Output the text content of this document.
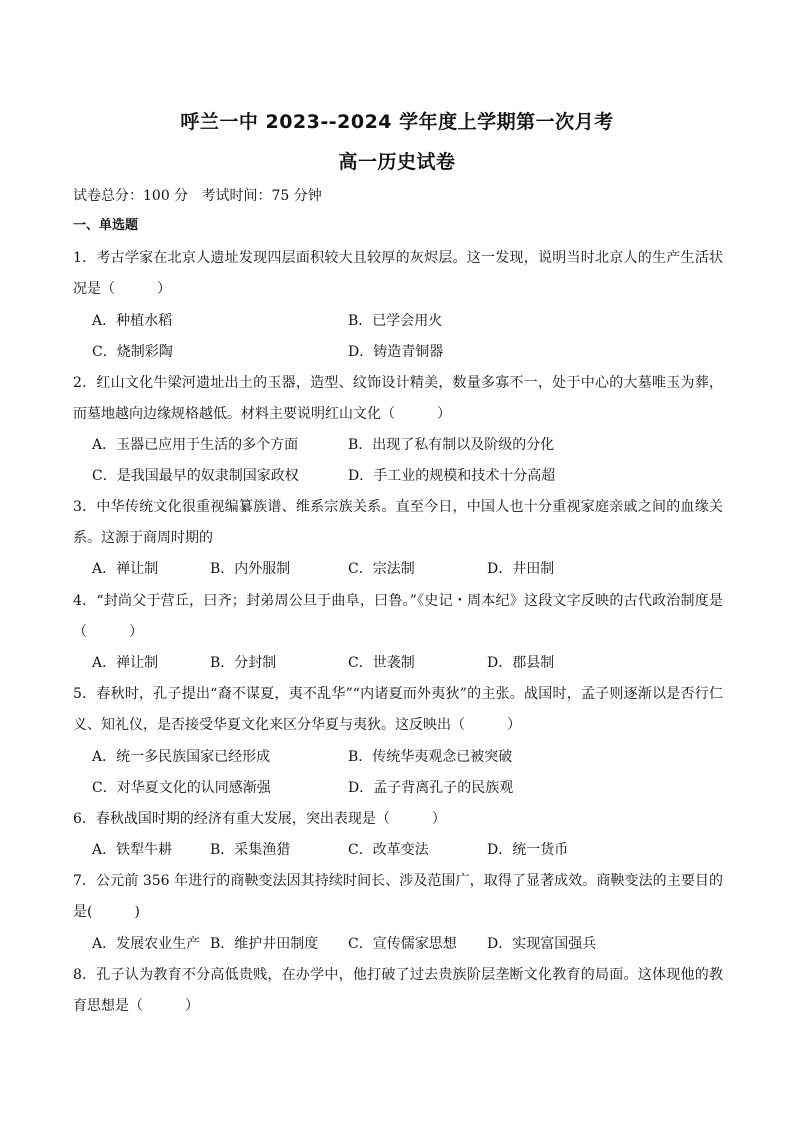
呼兰一中 2023--2024 学年度上学期第一次月考
高一历史试卷
试卷总分：100 分   考试时间：75 分钟
一、单选题
1．考古学家在北京人遗址发现四层面积较大且较厚的灰烬层。这一发现，说明当时北京人的生产生活状况是（　　　）
A．种植水稻	B．已学会用火
C．烧制彩陶	D．铸造青铜器
2．红山文化牛梁河遗址出土的玉器，造型、纹饰设计精美，数量多寡不一，处于中心的大墓唯玉为葬，而墓地越向边缘规格越低。材料主要说明红山文化（　　　）
A．玉器已应用于生活的多个方面	B．出现了私有制以及阶级的分化
C．是我国最早的奴隶制国家政权	D．手工业的规模和技术十分高超
3．中华传统文化很重视编纂族谱、维系宗族关系。直至今日，中国人也十分重视家庭亲戚之间的血缘关系。这源于商周时期的
A．禅让制	B．内外服制	C．宗法制	D．井田制
4．“封尚父于营丘，曰齐；封弟周公旦于曲阜，曰鲁。”《史记・周本纪》这段文字反映的古代政治制度是（　　　）
A．禅让制	B．分封制	C．世袭制	D．郡县制
5．春秋时，孔子提出“裔不谋夏，夷不乱华”“内诸夏而外夷狄”的主张。战国时，孟子则逐渐以是否行仁义、知礼仪，是否接受华夏文化来区分华夏与夷狄。这反映出（　　　）
A．统一多民族国家已经形成	B．传统华夷观念已被突破
C．对华夏文化的认同感渐强	D．孟子背离孔子的民族观
6．春秋战国时期的经济有重大发展，突出表现是（　　　）
A．铁犁牛耕	B．采集渔猎	C．改革变法	D．统一货币
7．公元前 356 年进行的商鞅变法因其持续时间长、涉及范围广，取得了显著成效。商鞅变法的主要目的是(　　　)
A．发展农业生产 B．维护井田制度 C．宣传儒家思想 D．实现富国强兵
8．孔子认为教育不分高低贵贱，在办学中，他打破了过去贵族阶层垄断文化教育的局面。这体现他的教育思想是（　　　）
